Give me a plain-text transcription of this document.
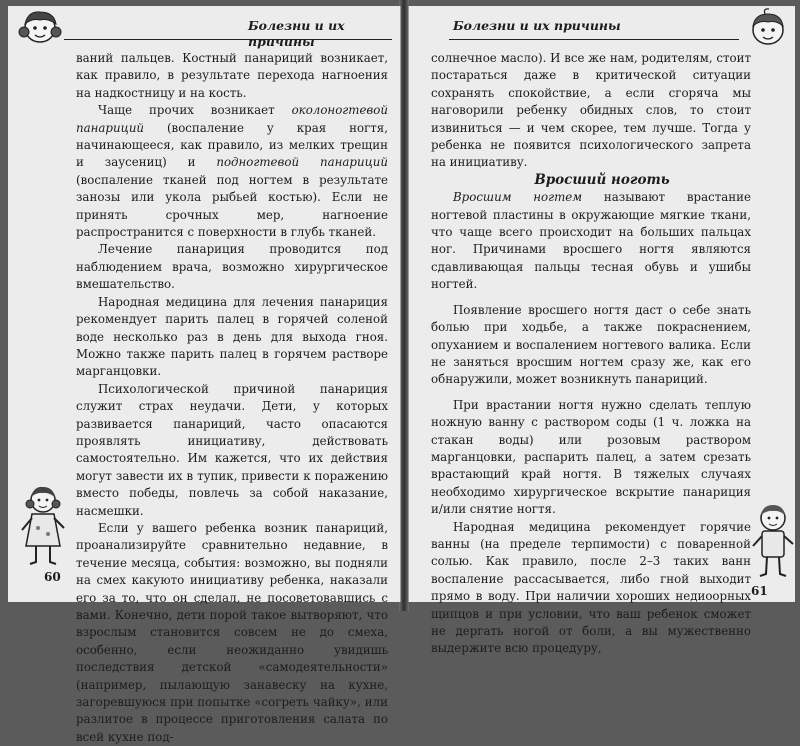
Болезни и их причины

ваний пальцев. Костный панариций возникает, как правило, в результате перехода нагноения на надкостницу и на кость.

Чаще прочих возникает околоногтевой панариций (воспаление у края ногтя, начинающееся, как правило, из мелких трещин и заусениц) и подногтевой панариций (воспаление тканей под ногтем в результате занозы или укола рыбьей костью). Если не принять срочных мер, нагноение распространится с поверхности в глубь тканей.

Лечение панариция проводится под наблюдением врача, возможно хирургическое вмешательство.

Народная медицина для лечения панариция рекомендует парить палец в горячей соленой воде несколько раз в день для выхода гноя. Можно также парить палец в горячем растворе марганцовки.

Психологической причиной панариция служит страх неудачи. Дети, у которых развивается панариций, часто опасаются проявлять инициативу, действовать самостоятельно. Им кажется, что их действия могут завести их в тупик, привести к поражению вместо победы, повлечь за собой наказание, насмешки.

Если у вашего ребенка возник панариций, проанализируйте сравнительно недавние, в течение месяца, события: возможно, вы подняли на смех какуюто инициативу ребенка, наказали его за то, что он сделал, не посоветовавшись с вами. Конечно, дети порой такое вытворяют, что взрослым становится совсем не до смеха, особенно, если неожиданно увидишь последствия детской «самодеятельности» (например, пылающую занавеску на кухне, загоревшуюся при попытке «согреть чайку», или разлитое в процессе приготовления салата по всей кухне под-

60
Болезни и их причины

солнечное масло). И все же нам, родителям, стоит постараться даже в критической ситуации сохранять спокойствие, а если сгоряча мы наговорили ребенку обидных слов, то стоит извиниться — и чем скорее, тем лучше. Тогда у ребенка не появится психологического запрета на инициативу.

Вросший ноготь

Вросшим ногтем называют врастание ногтевой пластины в окружающие мягкие ткани, что чаще всего происходит на больших пальцах ног. Причинами вросшего ногтя являются сдавливающая пальцы тесная обувь и ушибы ногтей.

Появление вросшего ногтя даст о себе знать болью при ходьбе, а также покраснением, опуханием и воспалением ногтевого валика. Если не заняться вросшим ногтем сразу же, как его обнаружили, может возникнуть панариций.

При врастании ногтя нужно сделать теплую ножную ванну с раствором соды (1 ч. ложка на стакан воды) или розовым раствором марганцовки, распарить палец, а затем срезать врастающий край ногтя. В тяжелых случаях необходимо хирургическое вскрытие панариция и/или снятие ногтя.

Народная медицина рекомендует горячие ванны (на пределе терпимости) с поваренной солью. Как правило, после 2–3 таких ванн воспаление рассасывается, либо гной выходит прямо в воду. При наличии хороших недиоорных щипцов и при условии, что ваш ребенок сможет не дергать ногой от боли, а вы мужественно выдержите всю процедуру,

61
